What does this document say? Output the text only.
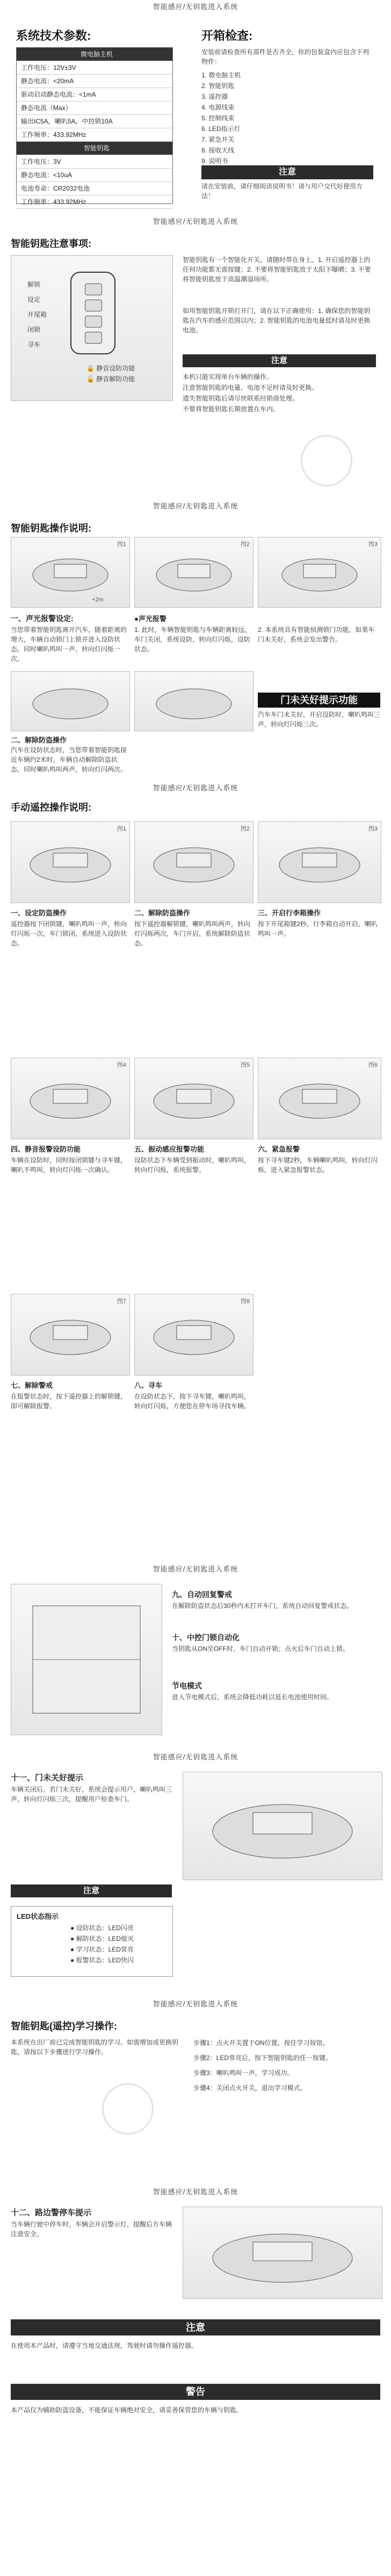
智能感应/无钥匙进入系统
系统技术参数:
微电脑主机
工作电压：12V±3V
静态电流：<20mA
驱动启动静态电流：<1mA
静态电流（Max）
输出IC5A，喇叭5A，中控锁10A
工作频率：433.92MHz
智能钥匙
工作电压：3V
静态电流：<10uA
电池寿命：CR2032电池
工作频率：433.92MHz
开箱检查:
安装前请检查所有部件是否齐全，你的包装盒内应包含下列物件：
1. 微电脑主机
2. 智能钥匙
3. 遥控器
4. 电源线束
5. 控制线束
6. LED指示灯
7. 紧急开关
8. 接收天线
9. 说明书
注意
请在安装前，请仔细阅读说明书！请与用户交代好使用方法！
智能感应/无钥匙进入系统
智能钥匙注意事项:
解锁
设定
开尾箱
闭锁
寻车
🔒 静音设防功能
🔓 静音解防功能
智能钥匙有一个智能化开关，请随时带在身上。1. 开启遥控器上的任何功能都无需按键；2. 不要将智能钥匙放于太阳下曝晒；3. 不要将智能钥匙放于高温潮湿场所。
如用智能钥匙开锁打开门，请在以下正确使用：1. 确保您的智能钥匙在汽车的感应范围以内；2. 智能钥匙的电池电量低时请及时更换电池。
注意
本机只能实现单台车辆的操作。
注意智能钥匙的电量，电池不足时请及时更换。
遗失智能钥匙后请尽快联系经销商处理。
不要将智能钥匙长期放置在车内。
智能感应/无钥匙进入系统
智能钥匙操作说明:
图1
+2m
图2	图3
一、声光报警设定:
当您带着智能钥匙离开汽车，随着距离的增大，车辆自动锁门上锁并进入设防状态，同时喇叭鸣叫一声，转向灯闪烁一次。
●声光报警
1. 此时，车辆智能钥匙与车辆距离较远，车门关闭，系统设防，转向灯闪烁，设防状态。
2. 本系统具有智能侦测锁门功能，如果车门未关好，系统会发出警告。
二、解除防盗操作
汽车在设防状态时，当您带着智能钥匙接近车辆约2米时，车辆自动解除防盗状态，同时喇叭鸣叫两声，转向灯闪两次。
门未关好提示功能
汽车车门未关好，开启设防时，喇叭鸣叫三声，转向灯闪烁三次。
智能感应/无钥匙进入系统
手动遥控操作说明:
图1
一、设定防盗操作
遥控器按下闭锁键，喇叭鸣叫一声，转向灯闪烁一次，车门锁闭，系统进入设防状态。
图2
二、解除防盗操作
按下遥控器解锁键，喇叭鸣叫两声，转向灯闪烁两次，车门开启，系统解除防盗状态。
图3
三、开启行李箱操作
按下开尾箱键2秒，行李箱自动开启，喇叭鸣叫一声。
图4
四、静音报警设防功能
车辆在设防时，同时按闭锁键与寻车键，喇叭不鸣叫，转向灯闪烁一次确认。
图5
五、振动感应报警功能
设防状态下车辆受到振动时，喇叭鸣叫，转向灯闪烁，系统报警。
图6
六、紧急报警
按下寻车键2秒，车辆喇叭鸣叫，转向灯闪烁，进入紧急报警状态。
图7
七、解除警戒
在报警状态时，按下遥控器上的解锁键，即可解除报警。
图8
八、寻车
在设防状态下，按下寻车键，喇叭鸣叫，转向灯闪烁，方便您在停车场寻找车辆。
智能感应/无钥匙进入系统
九、自动回复警戒
在解除防盗状态后30秒内未打开车门，系统自动回复警戒状态。
十、中控门锁自动化
当钥匙从ON至OFF时，车门自动开锁；点火后车门自动上锁。
节电模式
进入节电模式后，系统会降低功耗以延长电池使用时间。
智能感应/无钥匙进入系统
十一、门未关好提示
车辆关闭后，若门未关好，系统会提示用户，喇叭鸣叫三声，转向灯闪烁三次，提醒用户检查车门。
注意
LED状态指示
● 设防状态：LED闪亮
● 解防状态：LED熄灭
● 学习状态：LED常亮
● 报警状态：LED快闪
智能感应/无钥匙进入系统
智能钥匙(遥控)学习操作:
本系统在出厂前已完成智能钥匙的学习。如需增加或更换钥匙，请按以下步骤进行学习操作。
步骤1：点火开关置于ON位置，按住学习按钮。
步骤2：LED常亮后，按下智能钥匙的任一按键。
步骤3：喇叭鸣叫一声，学习成功。
步骤4：关闭点火开关，退出学习模式。
智能感应/无钥匙进入系统
十二、路边警停车提示
当车辆行驶中停车时，车辆会开启警示灯，提醒后方车辆注意安全。
注意
在使用本产品时，请遵守当地交通法规，驾驶时请勿操作遥控器。
警告
本产品仅为辅助防盗设备，不能保证车辆绝对安全，请妥善保管您的车辆与钥匙。
